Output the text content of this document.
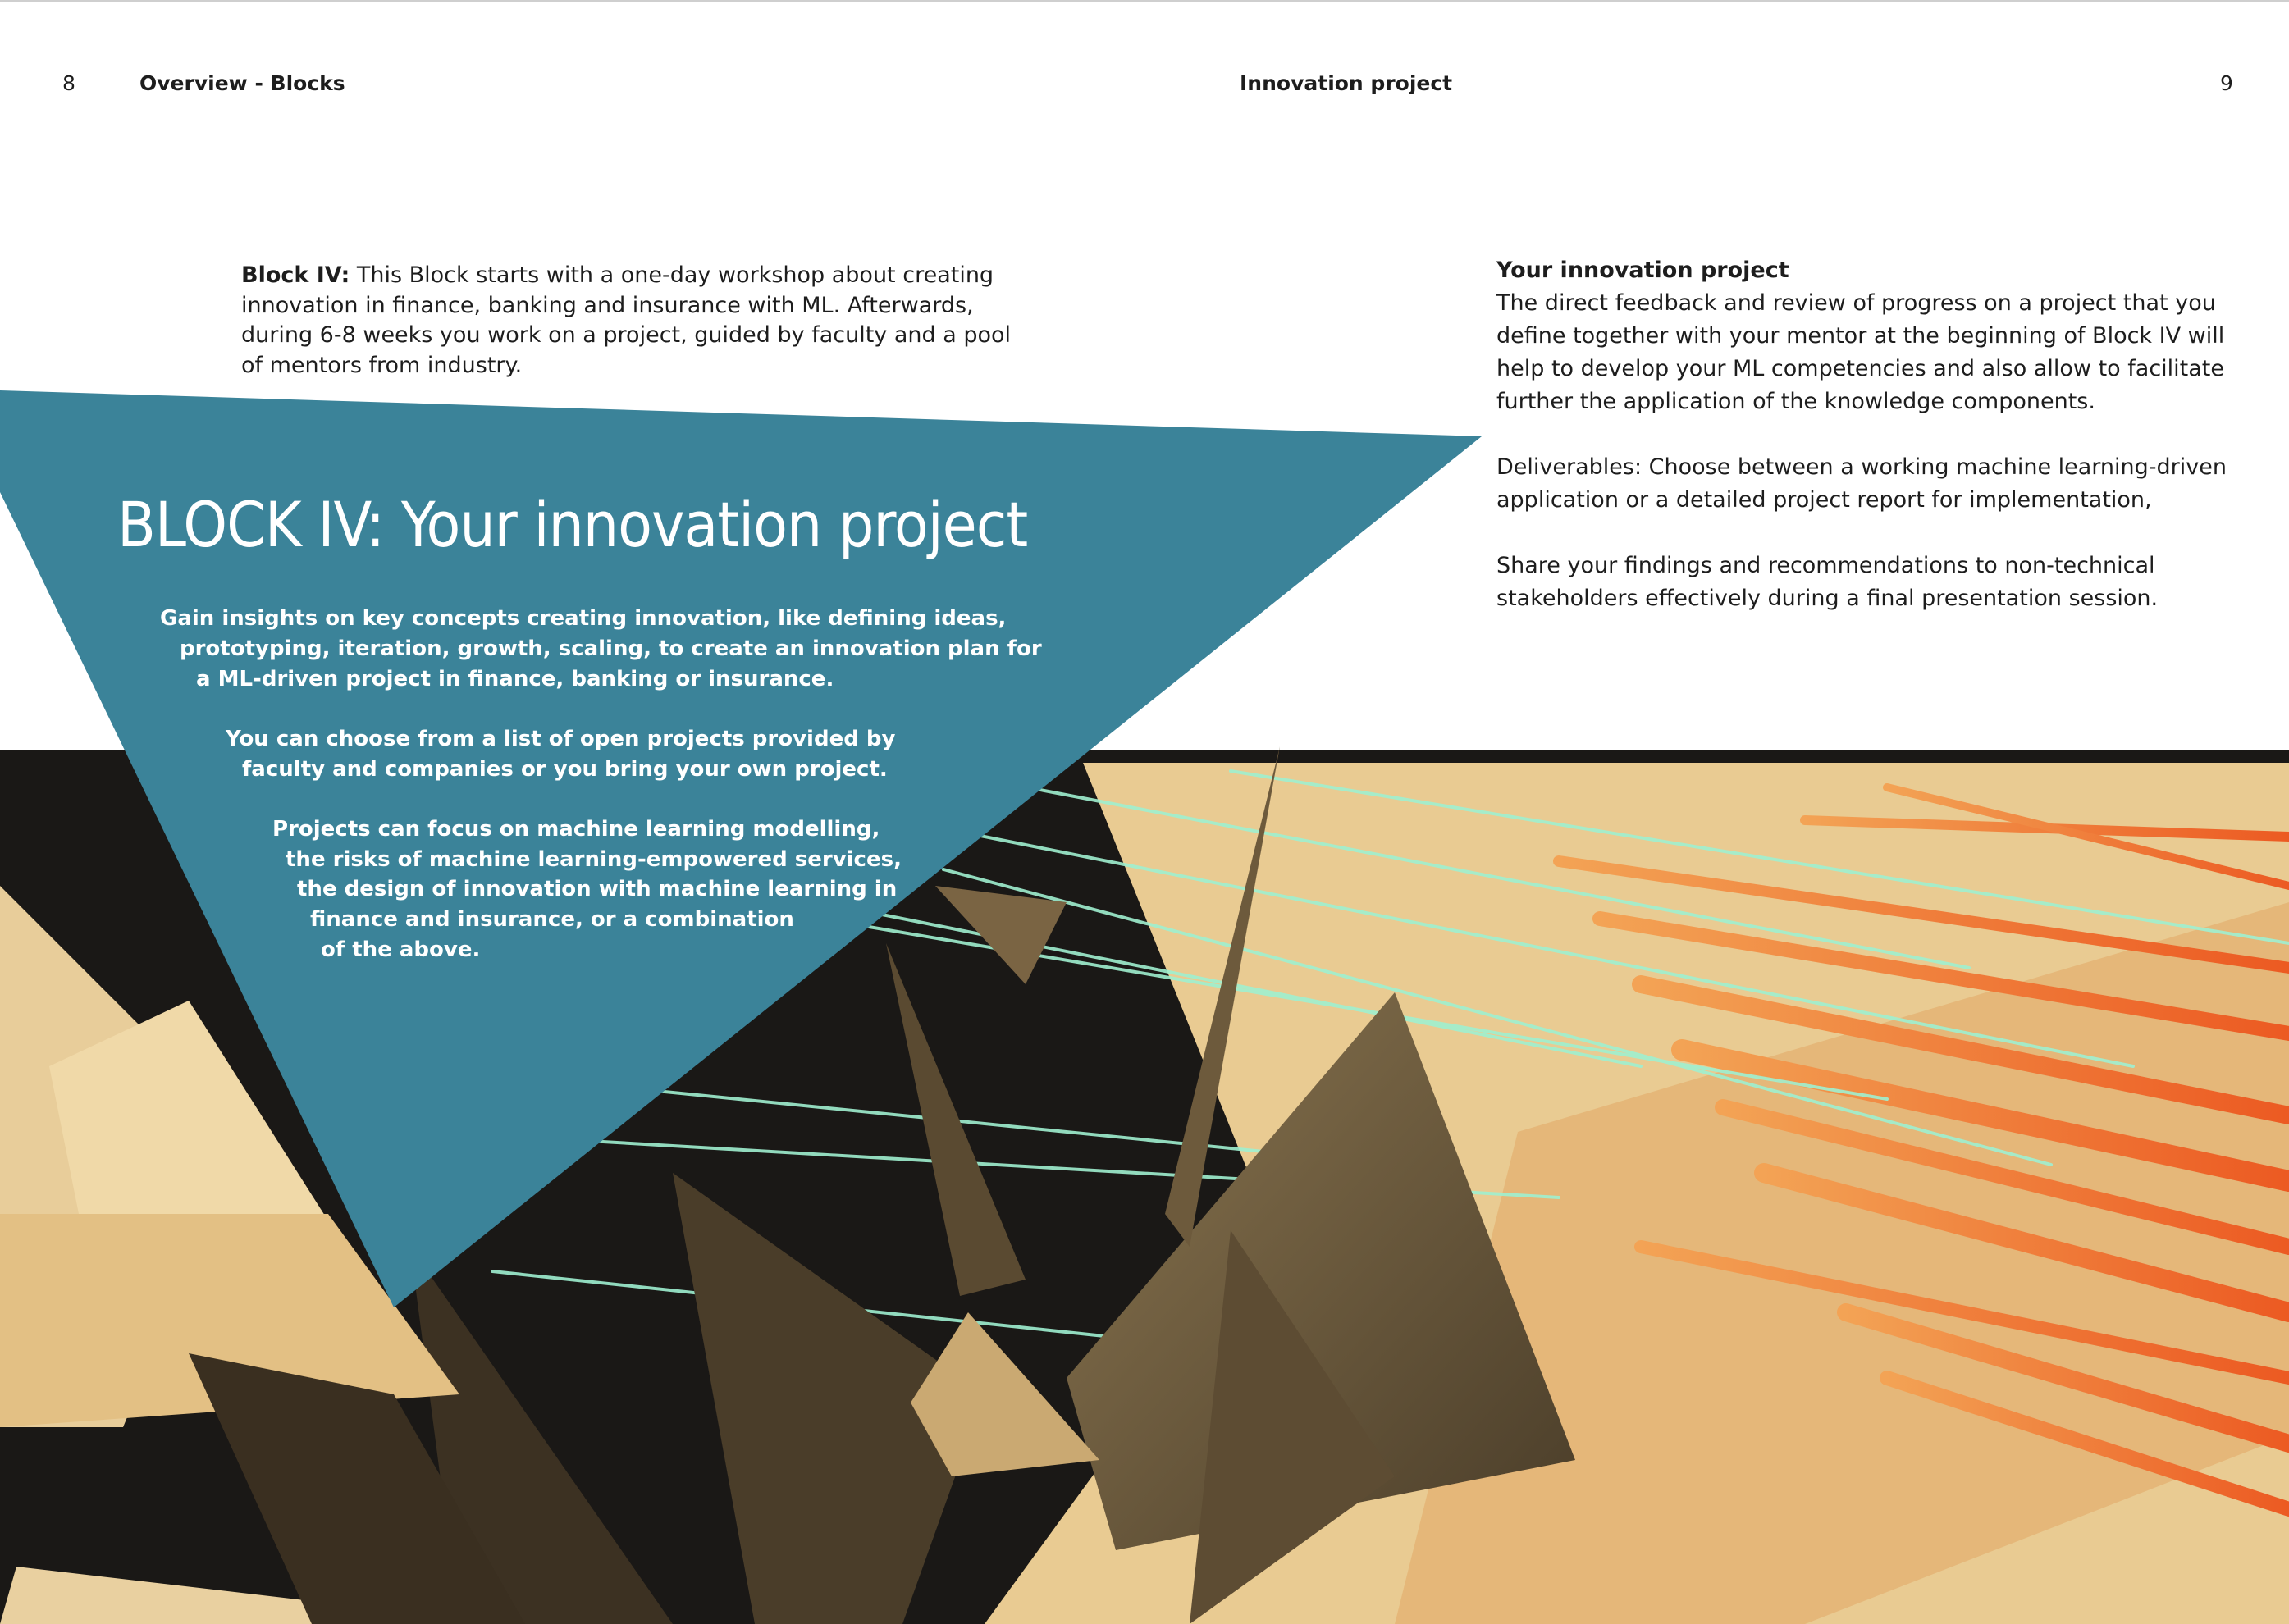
8	Overview - Blocks	Innovation project	9
Block IV: This Block starts with a one-day workshop about creating
innovation in finance, banking and insurance with ML. Afterwards,
during 6-8 weeks you work on a project, guided by faculty and a pool
of mentors from industry.
BLOCK IV: Your innovation project
Gain insights on key concepts creating innovation, like defining ideas,
prototyping, iteration, growth, scaling, to create an innovation plan for
a ML-driven project in finance, banking or insurance.
You can choose from a list of open projects provided by
faculty and companies or you bring your own project.
Projects can focus on machine learning modelling,
the risks of machine learning-empowered services,
the design of innovation with machine learning in
finance and insurance, or a combination
of the above.
Your innovation project
The direct feedback and review of progress on a project that you
define together with your mentor at the beginning of Block IV will
help to develop your ML competencies and also allow to facilitate
further the application of the knowledge components.
Deliverables: Choose between a working machine learning-driven
application or a detailed project report for implementation,
Share your findings and recommendations to non-technical
stakeholders effectively during a final presentation session.
